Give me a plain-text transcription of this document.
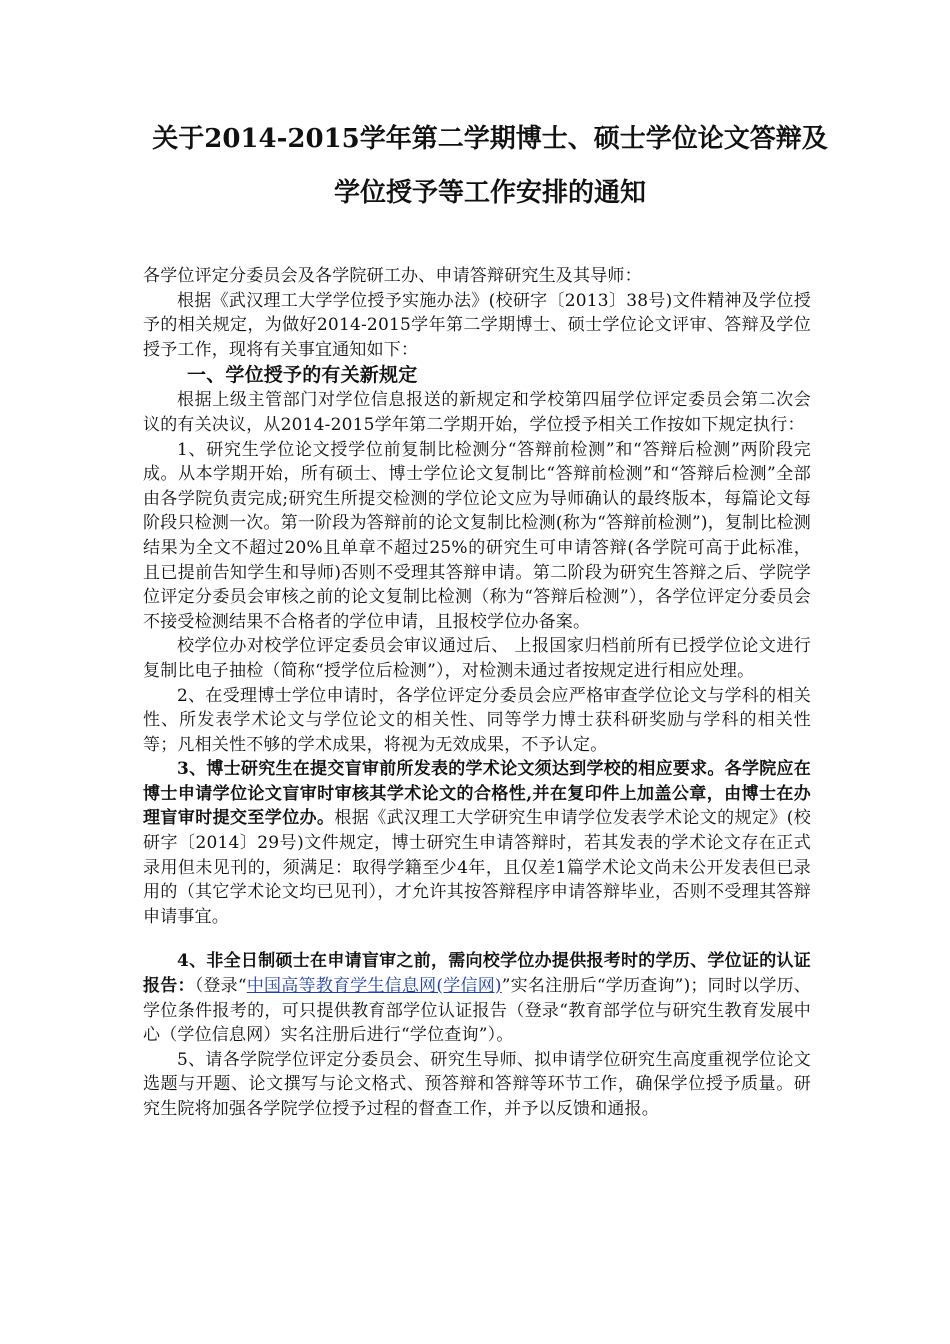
关于2014-2015学年第二学期博士、硕士学位论文答辩及
学位授予等工作安排的通知

各学位评定分委员会及各学院研工办、申请答辩研究生及其导师：

根据《武汉理工大学学位授予实施办法》(校研字〔2013〕38号)文件精神及学位授予的相关规定，为做好2014-2015学年第二学期博士、硕士学位论文评审、答辩及学位授予工作，现将有关事宜通知如下：

一、学位授予的有关新规定

根据上级主管部门对学位信息报送的新规定和学校第四届学位评定委员会第二次会议的有关决议，从2014-2015学年第二学期开始，学位授予相关工作按如下规定执行：

1、研究生学位论文授学位前复制比检测分“答辩前检测”和“答辩后检测”两阶段完成。从本学期开始，所有硕士、博士学位论文复制比“答辩前检测”和“答辩后检测”全部由各学院负责完成;研究生所提交检测的学位论文应为导师确认的最终版本，每篇论文每阶段只检测一次。第一阶段为答辩前的论文复制比检测(称为“答辩前检测”)，复制比检测结果为全文不超过20%且单章不超过25%的研究生可申请答辩(各学院可高于此标准，且已提前告知学生和导师)否则不受理其答辩申请。第二阶段为研究生答辩之后、学院学位评定分委员会审核之前的论文复制比检测（称为“答辩后检测”），各学位评定分委员会不接受检测结果不合格者的学位申请，且报校学位办备案。

校学位办对校学位评定委员会审议通过后、 上报国家归档前所有已授学位论文进行复制比电子抽检（简称“授学位后检测”），对检测未通过者按规定进行相应处理。

2、在受理博士学位申请时，各学位评定分委员会应严格审查学位论文与学科的相关性、所发表学术论文与学位论文的相关性、同等学力博士获科研奖励与学科的相关性等；凡相关性不够的学术成果，将视为无效成果，不予认定。

3、博士研究生在提交盲审前所发表的学术论文须达到学校的相应要求。各学院应在博士申请学位论文盲审时审核其学术论文的合格性,并在复印件上加盖公章，由博士在办理盲审时提交至学位办。根据《武汉理工大学研究生申请学位发表学术论文的规定》(校研字〔2014〕29号)文件规定，博士研究生申请答辩时，若其发表的学术论文存在正式录用但未见刊的，须满足：取得学籍至少4年，且仅差1篇学术论文尚未公开发表但已录用的（其它学术论文均已见刊），才允许其按答辩程序申请答辩毕业，否则不受理其答辩申请事宜。

4、非全日制硕士在申请盲审之前，需向校学位办提供报考时的学历、学位证的认证报告：（登录“中国高等教育学生信息网(学信网)”实名注册后“学历查询”)；同时以学历、学位条件报考的，可只提供教育部学位认证报告（登录“教育部学位与研究生教育发展中心（学位信息网）实名注册后进行“学位查询”）。

5、请各学院学位评定分委员会、研究生导师、拟申请学位研究生高度重视学位论文选题与开题、论文撰写与论文格式、预答辩和答辩等环节工作，确保学位授予质量。研究生院将加强各学院学位授予过程的督查工作，并予以反馈和通报。
